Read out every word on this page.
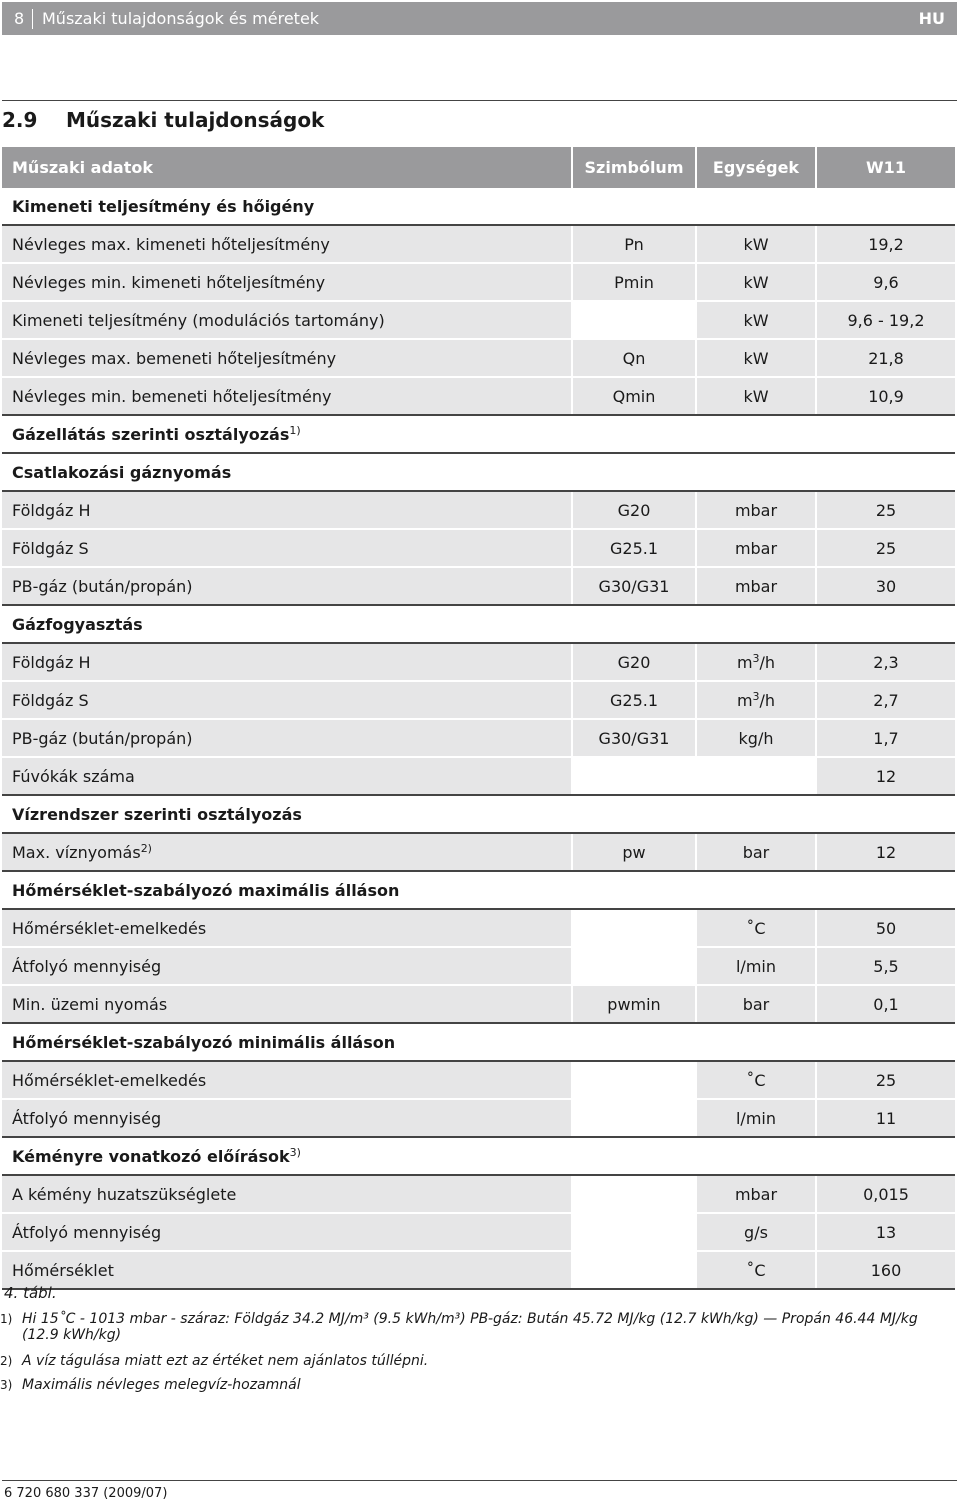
8 Műszaki tulajdonságok és méretek	HU
2.9 Műszaki tulajdonságok
Műszaki adatok	Szimbólum	Egységek	W11
Kimeneti teljesítmény és hőigény			
Névleges max. kimeneti hőteljesítmény	Pn	kW	19,2
Névleges min. kimeneti hőteljesítmény	Pmin	kW	9,6
Kimeneti teljesítmény (modulációs tartomány)		kW	9,6 - 19,2
Névleges max. bemeneti hőteljesítmény	Qn	kW	21,8
Névleges min. bemeneti hőteljesítmény	Qmin	kW	10,9
Gázellátás szerinti osztályozás$^{1)}$
Csatlakozási gáznyomás			
Földgáz H	G20	mbar	25
Földgáz S	G25.1	mbar	25
PB-gáz (bután/propán)	G30/G31	mbar	30
Gázfogyasztás			
Földgáz H	G20	$m^3/h$	2,3
Földgáz S	G25.1	$m^3/h$	2,7
PB-gáz (bután/propán)	G30/G31	kg/h	1,7
Fúvókák száma			12
Vízrendszer szerinti osztályozás			
Max. víznyomás$^{2)}$	pw	bar	12
Hőmérséklet-szabályozó maximális álláson			
Hőmérséklet-emelkedés		˚C	50
Átfolyó mennyiség		l/min	5,5
Min. üzemi nyomás	pwmin	bar	0,1
Hőmérséklet-szabályozó minimális álláson			
Hőmérséklet-emelkedés		˚C	25
Átfolyó mennyiség		l/min	11
Kéményre vonatkozó előírások$^{3)}$
A kémény huzatszükséglete		mbar	0,015
Átfolyó mennyiség		g/s	13
Hőmérséklet		˚C	160
4. tábl.
1) Hi 15˚C - 1013 mbar - száraz: Földgáz 34.2 MJ/m³ (9.5 kWh/m³) PB-gáz: Bután 45.72 MJ/kg (12.7 kWh/kg) — Propán 46.44 MJ/kg
(12.9 kWh/kg)
2) A víz tágulása miatt ezt az értéket nem ajánlatos túllépni.
3) Maximális névleges melegvíz-hozamnál
6 720 680 337 (2009/07)
